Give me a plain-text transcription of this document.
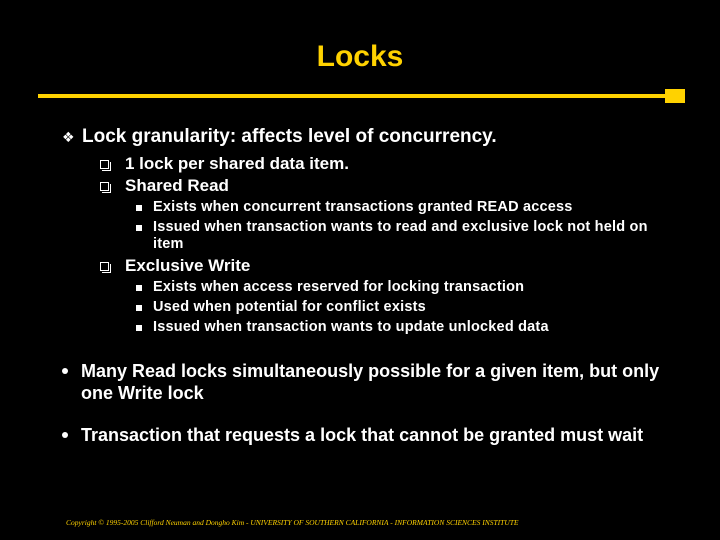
Locks
❖ Lock granularity: affects level of concurrency.
1 lock per shared data item.
Shared Read
Exists when concurrent transactions granted READ access
Issued when transaction wants to read and exclusive lock not held on item
Exclusive Write
Exists when access reserved for locking transaction
Used when potential for conflict exists
Issued when transaction wants to update unlocked data
Many Read locks simultaneously possible for a given item, but only one Write lock
Transaction that requests a lock that cannot be granted must wait
Copyright © 1995-2005 Clifford Neuman and Dongho Kim - UNIVERSITY OF SOUTHERN CALIFORNIA - INFORMATION SCIENCES INSTITUTE
